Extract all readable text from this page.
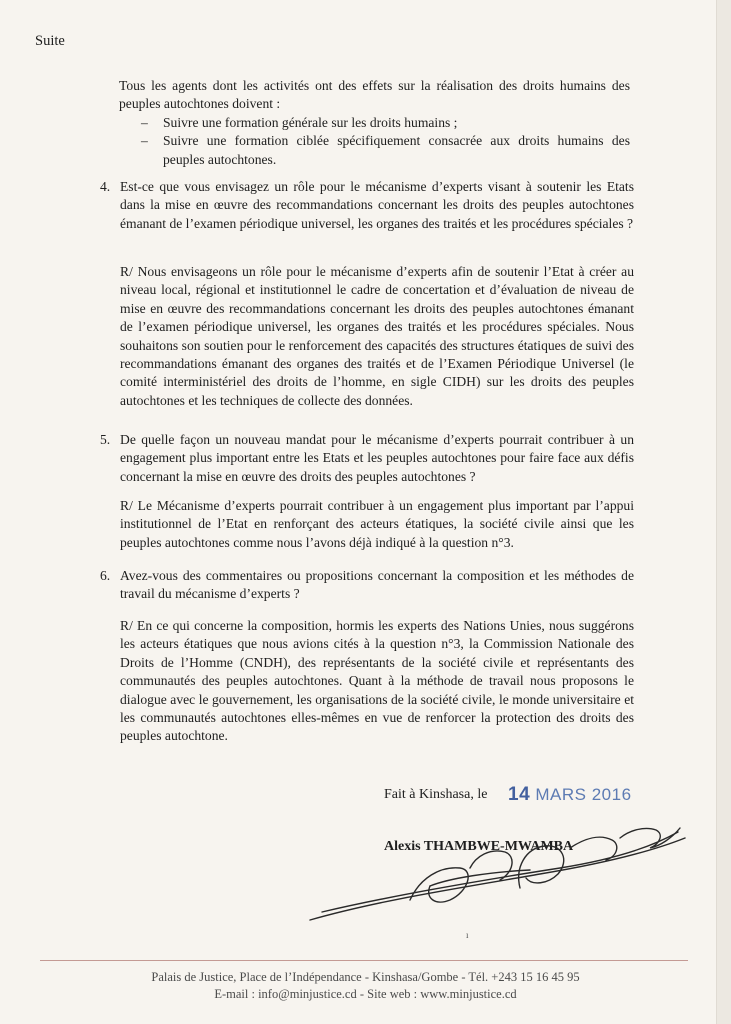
Suite

Tous les agents dont les activités ont des effets sur la réalisation des droits humains des peuples autochtones doivent :

– Suivre une formation générale sur les droits humains ;
– Suivre une formation ciblée spécifiquement consacrée aux droits humains des peuples autochtones.
4. Est-ce que vous envisagez un rôle pour le mécanisme d’experts visant à soutenir les Etats dans la mise en œuvre des recommandations concernant les droits des peuples autochtones émanant de l’examen périodique universel, les organes des traités et les procédures spéciales ?
R/ Nous envisageons un rôle pour le mécanisme d’experts afin de soutenir l’Etat à créer au niveau local, régional et institutionnel le cadre de concertation et d’évaluation de niveau de mise en œuvre des recommandations concernant les droits des peuples autochtones émanant de l’examen périodique universel, les organes des traités et les procédures spéciales. Nous souhaitons son soutien pour le renforcement des capacités des structures étatiques de suivi des recommandations émanant des organes des traités et de l’Examen Périodique Universel (le comité interministériel des droits de l’homme, en sigle CIDH) sur les droits des peuples autochtones et les techniques de collecte des données.
5. De quelle façon un nouveau mandat pour le mécanisme d’experts pourrait contribuer à un engagement plus important entre les Etats et les peuples autochtones pour faire face aux défis concernant la mise en œuvre des droits des peuples autochtones ?
R/ Le Mécanisme d’experts pourrait contribuer à un engagement plus important par l’appui institutionnel de l’Etat en renforçant des acteurs étatiques, la société civile ainsi que les peuples autochtones comme nous l’avons déjà indiqué à la question n°3.
6. Avez-vous des commentaires ou propositions concernant la composition et les méthodes de travail du mécanisme d’experts ?
R/ En ce qui concerne la composition, hormis les experts des Nations Unies, nous suggérons les acteurs étatiques que nous avions cités à la question n°3, la Commission Nationale des Droits de l’Homme (CNDH), des représentants de la société civile et représentants des communautés des peuples autochtones. Quant à la méthode de travail nous proposons le dialogue avec le gouvernement, les organisations de la société civile, le monde universitaire et les communautés autochtones elles-mêmes en vue de renforcer la protection des droits des peuples autochtone.
Fait à Kinshasa, le 14 MARS 2016
Alexis THAMBWE-MWAMBA
ı
Palais de Justice, Place de l’Indépendance - Kinshasa/Gombe - Tél. +243 15 16 45 95
E-mail : info@minjustice.cd - Site web : www.minjustice.cd
